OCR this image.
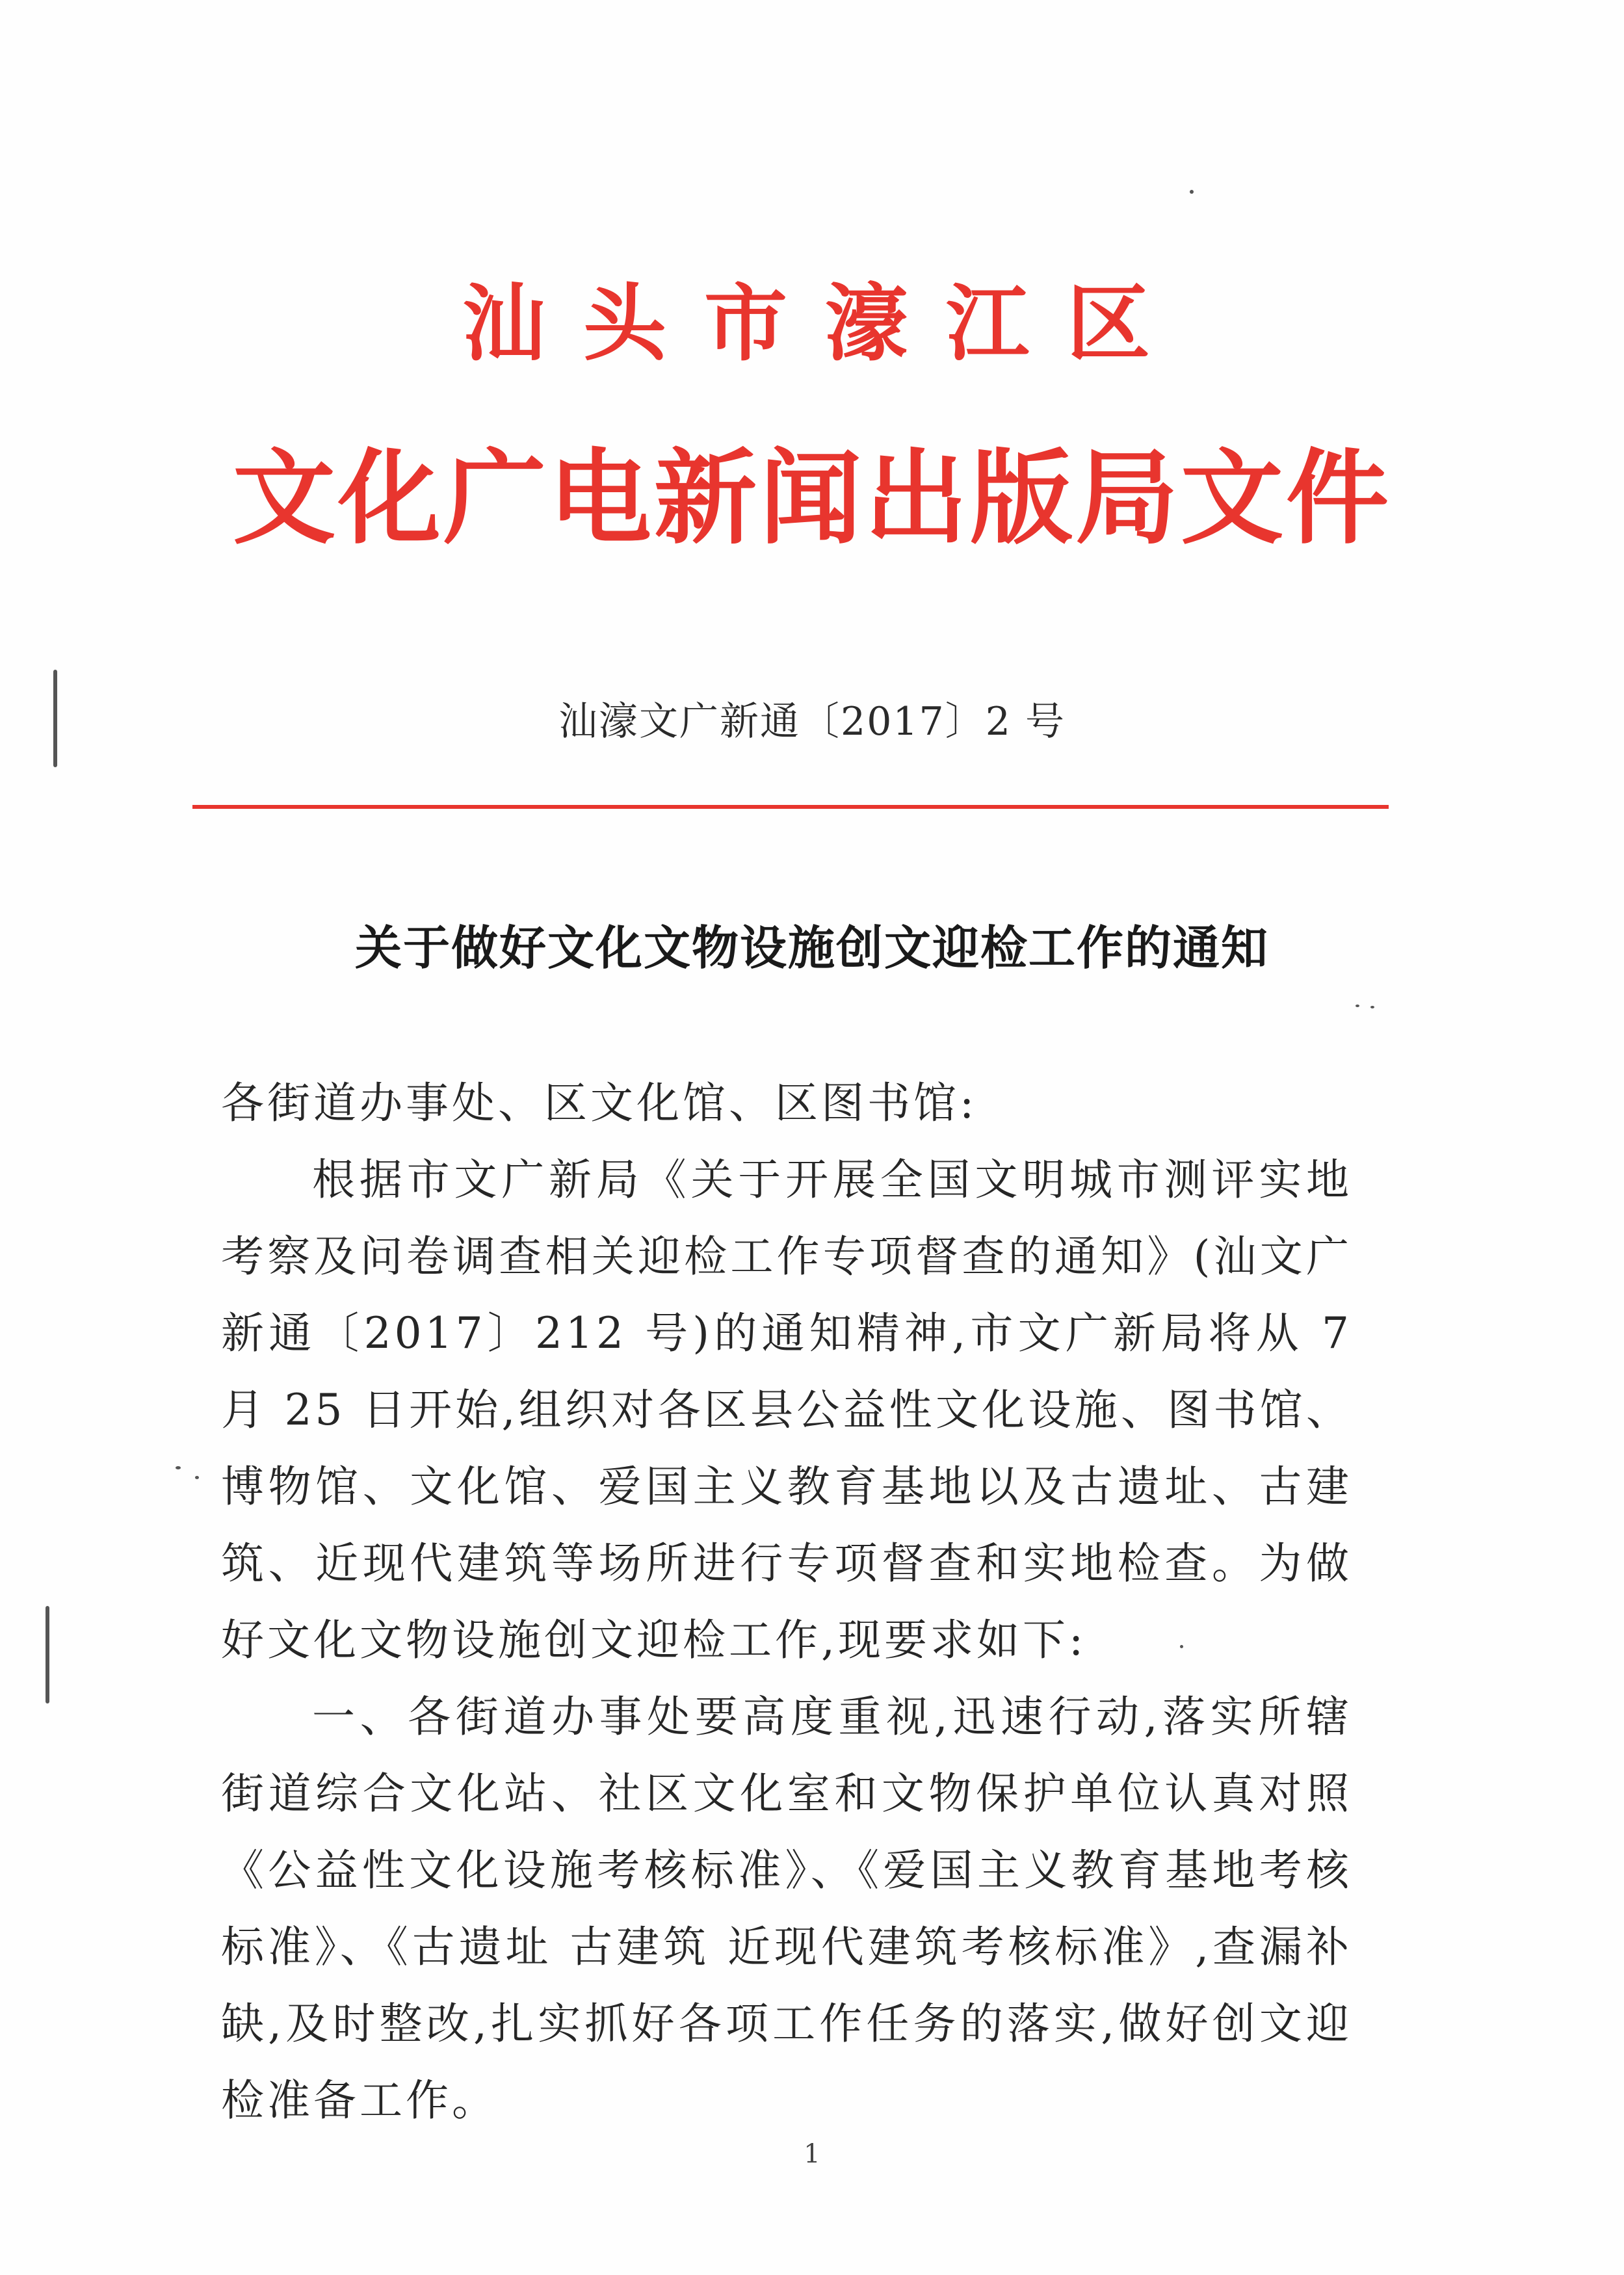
汕头市濠江区
文化广电新闻出版局文件
汕濠文广新通〔2017〕2 号
关于做好文化文物设施创文迎检工作的通知

各街道办事处、区文化馆、区图书馆:

根据市文广新局《关于开展全国文明城市测评实地考察及问卷调查相关迎检工作专项督查的通知》(汕文广新通〔2017〕212 号)的通知精神,市文广新局将从 7 月 25 日开始,组织对各区县公益性文化设施、图书馆、博物馆、文化馆、爱国主义教育基地以及古遗址、古建筑、近现代建筑等场所进行专项督查和实地检查。为做好文化文物设施创文迎检工作,现要求如下:

一、各街道办事处要高度重视,迅速行动,落实所辖街道综合文化站、社区文化室和文物保护单位认真对照《公益性文化设施考核标准》、《爱国主义教育基地考核标准》、《古遗址 古建筑 近现代建筑考核标准》,查漏补缺,及时整改,扎实抓好各项工作任务的落实,做好创文迎检准备工作。

1
